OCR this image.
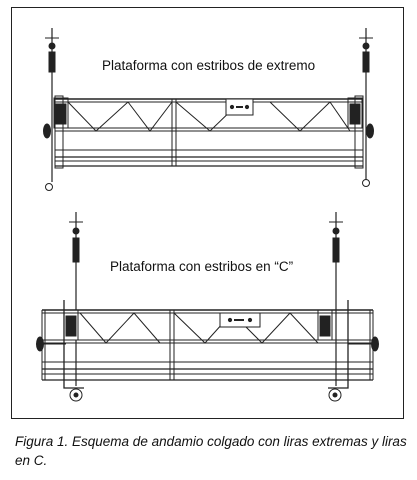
Plataforma con estribos de extremo
Plataforma con estribos en “C”
Figura 1. Esquema de andamio colgado con liras extremas y liras en C.
